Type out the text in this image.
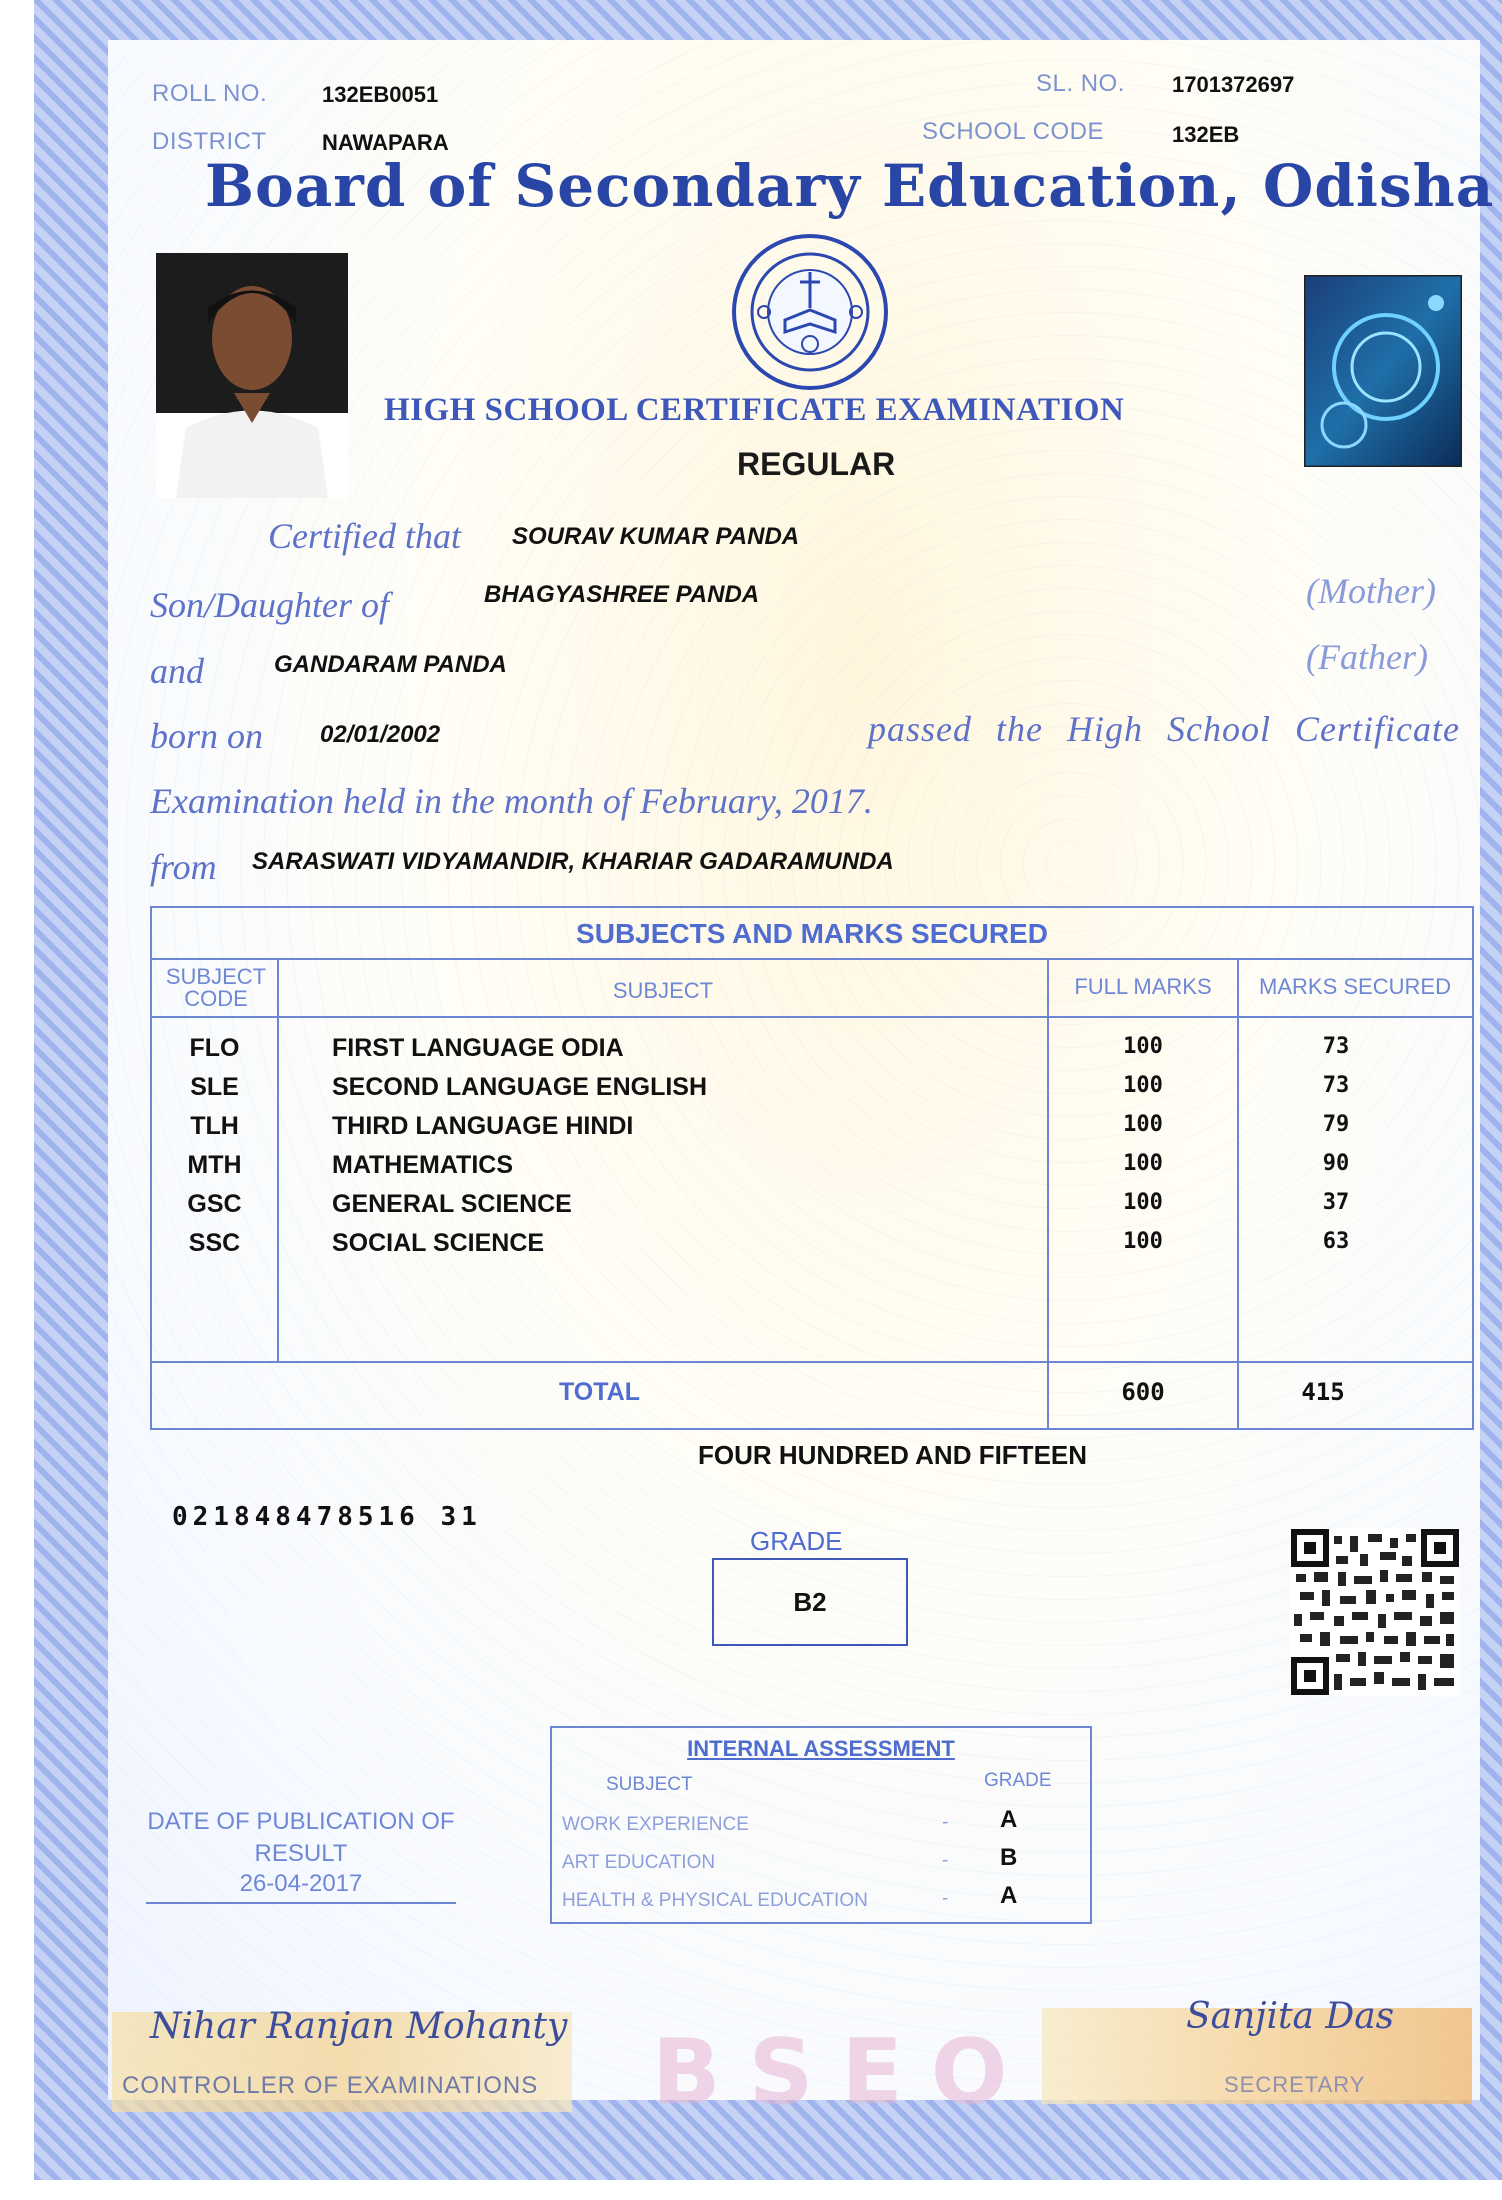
ROLL NO. 132EB0051
DISTRICT	NAWAPARA
SL. NO. 1701372697
SCHOOL CODE	132EB
Board of Secondary Education, Odisha
HIGH SCHOOL CERTIFICATE EXAMINATION
REGULAR
Certified that SOURAV KUMAR PANDA
Son/Daughter of	BHAGYASHREE PANDA	(Mother)
and	GANDARAM PANDA	(Father)
born on 02/01/2002	passed the High School Certificate
Examination held in the month of February, 2017.
from SARASWATI VIDYAMANDIR, KHARIAR GADARAMUNDA
SUBJECTS AND MARKS SECURED
SUBJECT CODE	SUBJECT	FULL MARKS	MARKS SECURED
FLO	FIRST LANGUAGE ODIA	100	73
SLE	SECOND LANGUAGE ENGLISH	100	73
TLH	THIRD LANGUAGE HINDI	100	79
MTH	MATHEMATICS	100	90
GSC	GENERAL SCIENCE	100	37
SSC	SOCIAL SCIENCE	100	63
TOTAL	600	415
FOUR HUNDRED AND FIFTEEN
021848478516 31
GRADE
B2
INTERNAL ASSESSMENT
SUBJECT	GRADE
WORK EXPERIENCE	- A
ART EDUCATION	- B
HEALTH & PHYSICAL EDUCATION	- A
DATE OF PUBLICATION OF RESULT
26-04-2017
Nihar Ranjan Mohanty
CONTROLLER OF EXAMINATIONS BSEO
Sanjita Das
SECRETARY
